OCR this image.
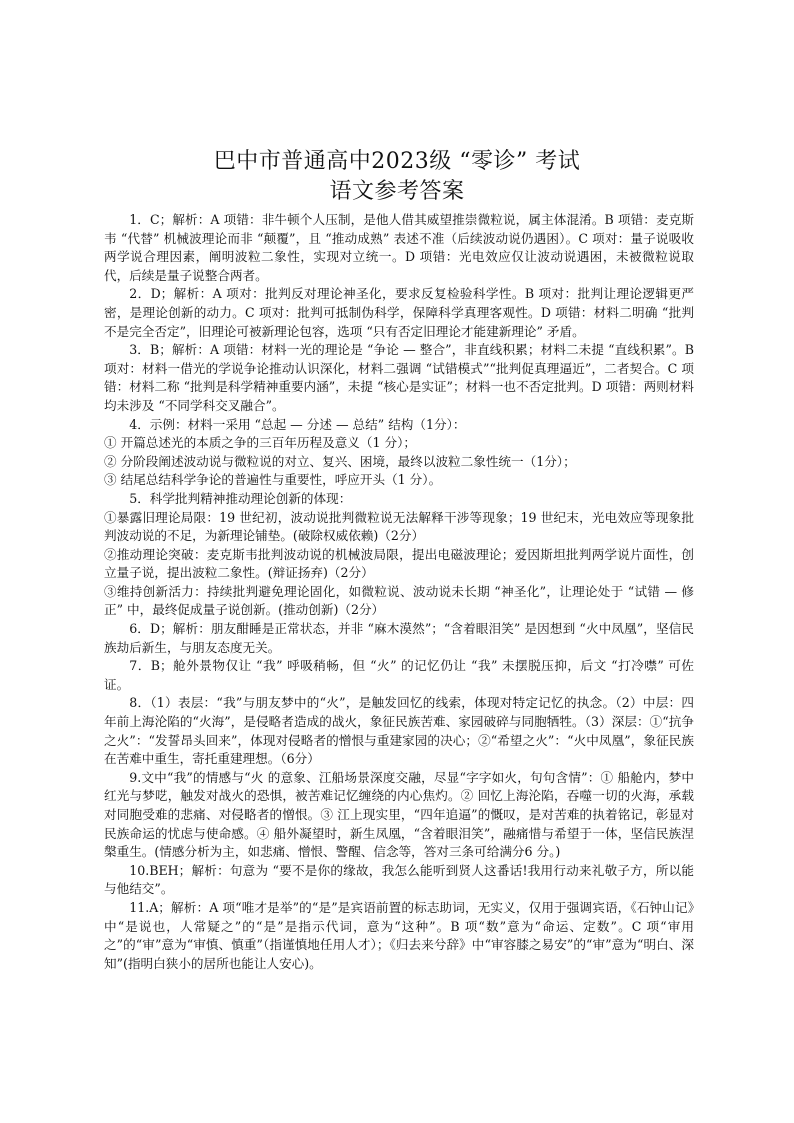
巴中市普通高中2023级 “零诊” 考试
语文参考答案

1．C；解析：A 项错：非牛顿个人压制，是他人借其威望推崇微粒说，属主体混淆。B 项错：麦克斯韦 “代替” 机械波理论而非 “颠覆”，且 “推动成熟” 表述不准（后续波动说仍遇困）。C 项对：量子说吸收两学说合理因素，阐明波粒二象性，实现对立统一。D 项错：光电效应仅让波动说遇困，未被微粒说取代，后续是量子说整合两者。

2．D；解析：A 项对：批判反对理论神圣化，要求反复检验科学性。B 项对：批判让理论逻辑更严密，是理论创新的动力。C 项对：批判可抵制伪科学，保障科学真理客观性。D 项错：材料二明确 “批判不是完全否定”，旧理论可被新理论包容，选项 “只有否定旧理论才能建新理论” 矛盾。

3．B；解析：A 项错：材料一光的理论是 “争论 — 整合”，非直线积累；材料二未提 “直线积累”。B 项对：材料一借光的学说争论推动认识深化，材料二强调 “试错模式”“批判促真理逼近”，二者契合。C 项错：材料二称 “批判是科学精神重要内涵”，未提 “核心是实证”；材料一也不否定批判。D 项错：两则材料均未涉及 “不同学科交叉融合”。

4．示例：材料一采用 “总起 — 分述 — 总结” 结构（1分）：

① 开篇总述光的本质之争的三百年历程及意义（1 分）；

② 分阶段阐述波动说与微粒说的对立、复兴、困境，最终以波粒二象性统一（1分）；

③ 结尾总结科学争论的普遍性与重要性，呼应开头（1 分）。

5．科学批判精神推动理论创新的体现：

①暴露旧理论局限：19 世纪初，波动说批判微粒说无法解释干涉等现象；19 世纪末，光电效应等现象批判波动说的不足，为新理论铺垫。(破除权威依赖)（2分）

②推动理论突破：麦克斯韦批判波动说的机械波局限，提出电磁波理论；爱因斯坦批判两学说片面性，创立量子说，提出波粒二象性。(辩证扬弃)（2分）

③维持创新活力：持续批判避免理论固化，如微粒说、波动说未长期 “神圣化”，让理论处于 “试错 — 修正” 中，最终促成量子说创新。(推动创新)（2分）

6．D；解析：朋友酣睡是正常状态，并非 “麻木漠然”；“含着眼泪笑” 是因想到 “火中凤凰”，坚信民族劫后新生，与朋友态度无关。

7．B；舱外景物仅让 “我” 呼吸稍畅，但 “火” 的记忆仍让 “我” 未摆脱压抑，后文 “打冷噤” 可佐证。

8．（1）表层：“我”与朋友梦中的“火”，是触发回忆的线索，体现对特定记忆的执念。（2）中层：四年前上海沦陷的“火海”，是侵略者造成的战火，象征民族苦难、家园破碎与同胞牺牲。（3）深层：①“抗争之火”：“发誓昂头回来”，体现对侵略者的憎恨与重建家园的决心；②“希望之火”：“火中凤凰”，象征民族在苦难中重生，寄托重建理想。（6分）

9.文中“我”的情感与“火 的意象、江船场景深度交融，尽显“字字如火，句句含情”：① 船舱内，梦中红光与梦呓，触发对战火的恐惧，被苦难记忆缠绕的内心焦灼。② 回忆上海沦陷，吞噬一切的火海，承载对同胞受难的悲痛、对侵略者的憎恨。③ 江上现实里，“四年追逼”的慨叹，是对苦难的执着铭记，彰显对民族命运的忧虑与使命感。④ 船外凝望时，新生凤凰，“含着眼泪笑”，融痛惜与希望于一体，坚信民族涅槃重生。(情感分析为主，如悲痛、憎恨、警醒、信念等，答对三条可给满分6 分。)

10.BEH；解析：句意为 “要不是你的缘故，我怎么能听到贤人这番话!我用行动来礼敬子方，所以能与他结交”。

11.A；解析：A 项“唯才是举”的“是”是宾语前置的标志助词，无实义，仅用于强调宾语，《石钟山记》中“是说也，人常疑之”的“是”是指示代词，意为“这种”。B 项“数”意为“命运、定数”。C 项“审用之”的“审”意为“审慎、慎重”（指谨慎地任用人才）；《归去来兮辞》中“审容膝之易安”的“审”意为“明白、深知”(指明白狭小的居所也能让人安心)。
